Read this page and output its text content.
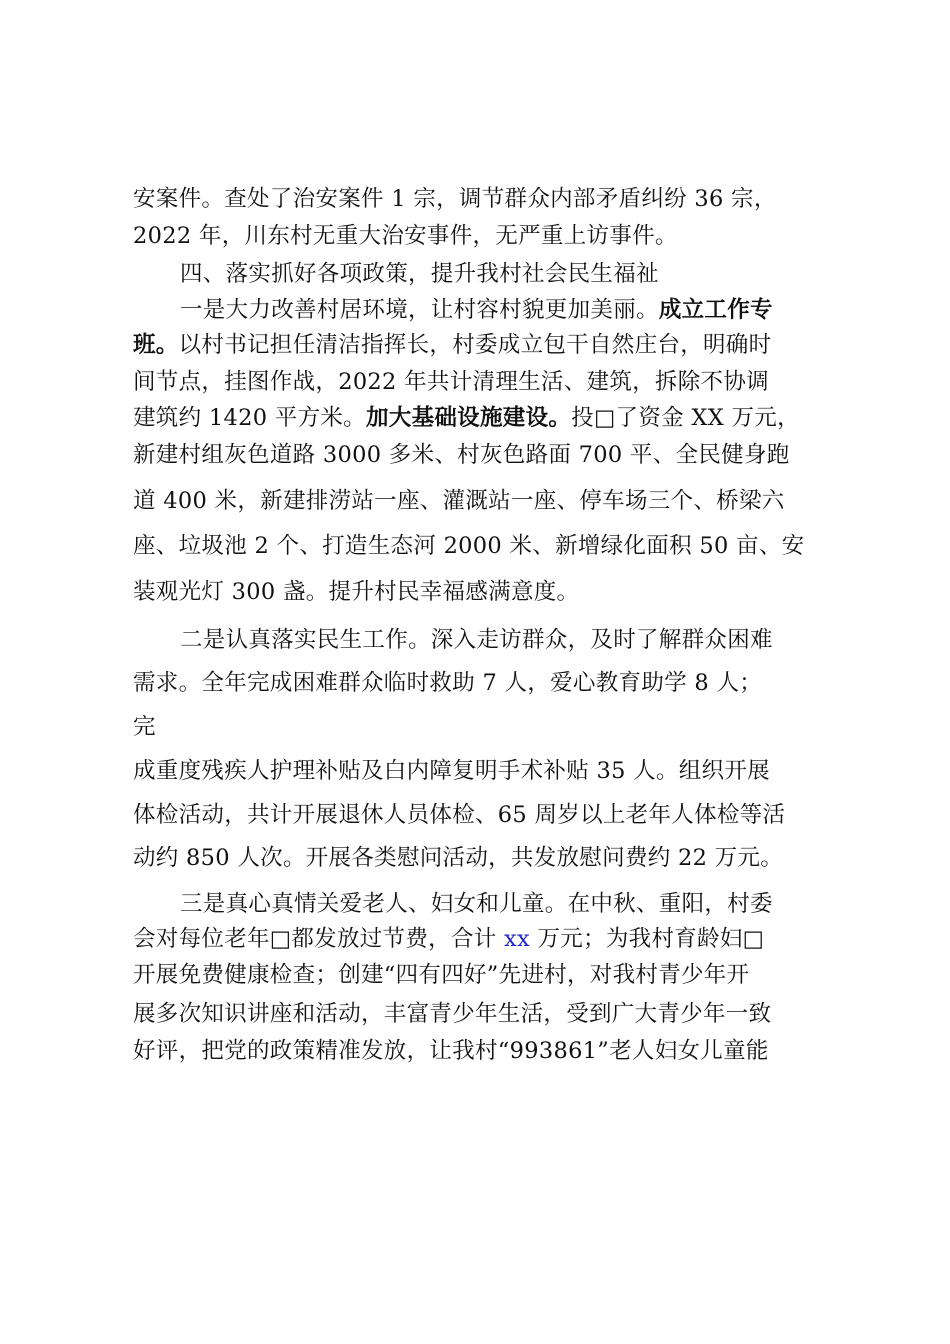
安案件。查处了治安案件 1 宗，调节群众内部矛盾纠纷 36 宗，
2022 年，川东村无重大治安事件，无严重上访事件。
四、落实抓好各项政策，提升我村社会民生福祉
一是大力改善村居环境，让村容村貌更加美丽。成立工作专
班。以村书记担任清洁指挥长，村委成立包干自然庄台，明确时
间节点，挂图作战，2022 年共计清理生活、建筑，拆除不协调
建筑约 1420 平方米。加大基础设施建设。投□了资金 XX 万元，
新建村组灰色道路 3000 多米、村灰色路面 700 平、全民健身跑
道 400 米，新建排涝站一座、灌溉站一座、停车场三个、桥梁六
座、垃圾池 2 个、打造生态河 2000 米、新增绿化面积 50 亩、安
装观光灯 300 盏。提升村民幸福感满意度。
二是认真落实民生工作。深入走访群众，及时了解群众困难
需求。全年完成困难群众临时救助 7 人，爱心教育助学 8 人；
完
成重度残疾人护理补贴及白内障复明手术补贴 35 人。组织开展
体检活动，共计开展退休人员体检、65 周岁以上老年人体检等活
动约 850 人次。开展各类慰问活动，共发放慰问费约 22 万元。
三是真心真情关爱老人、妇女和儿童。在中秋、重阳，村委
会对每位老年□都发放过节费，合计 xx 万元；为我村育龄妇□
开展免费健康检查；创建“四有四好”先进村，对我村青少年开
展多次知识讲座和活动，丰富青少年生活，受到广大青少年一致
好评，把党的政策精准发放，让我村“993861”老人妇女儿童能
